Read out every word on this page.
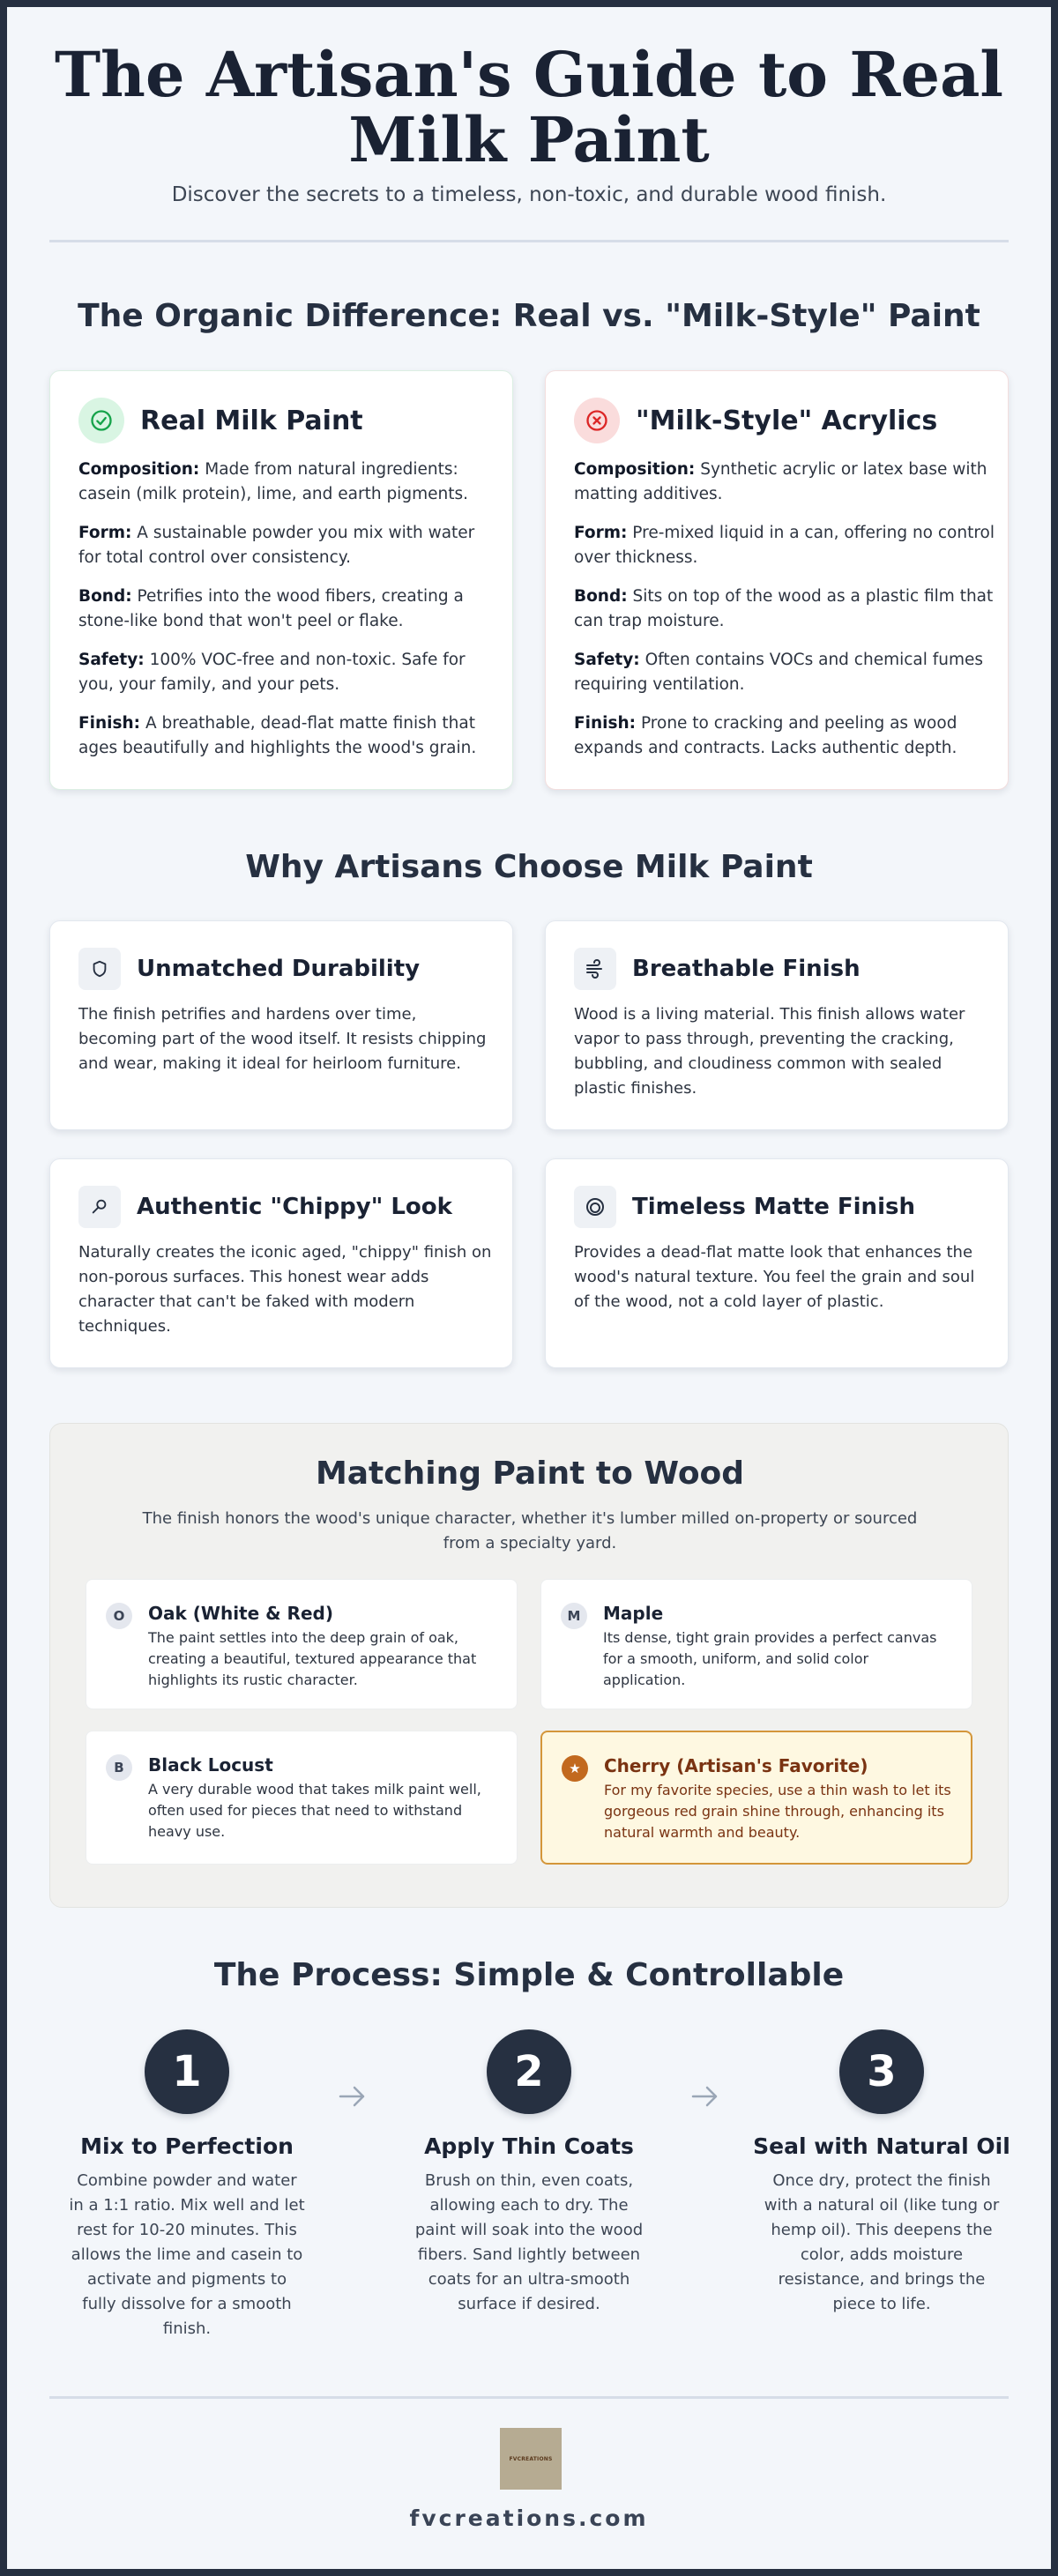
The Artisan's Guide to Real Milk Paint

Discover the secrets to a timeless, non-toxic, and durable wood finish.

The Organic Difference: Real vs. "Milk-Style" Paint
Real Milk Paint

Composition: Made from natural ingredients: casein (milk protein), lime, and earth pigments.

Form: A sustainable powder you mix with water for total control over consistency.

Bond: Petrifies into the wood fibers, creating a stone-like bond that won't peel or flake.

Safety: 100% VOC-free and non-toxic. Safe for you, your family, and your pets.

Finish: A breathable, dead-flat matte finish that ages beautifully and highlights the wood's grain.

"Milk-Style" Acrylics

Composition: Synthetic acrylic or latex base with matting additives.

Form: Pre-mixed liquid in a can, offering no control over thickness.

Bond: Sits on top of the wood as a plastic film that can trap moisture.

Safety: Often contains VOCs and chemical fumes requiring ventilation.

Finish: Prone to cracking and peeling as wood expands and contracts. Lacks authentic depth.

Why Artisans Choose Milk Paint
Unmatched Durability

The finish petrifies and hardens over time, becoming part of the wood itself. It resists chipping and wear, making it ideal for heirloom furniture.

Breathable Finish

Wood is a living material. This finish allows water vapor to pass through, preventing the cracking, bubbling, and cloudiness common with sealed plastic finishes.

Authentic "Chippy" Look

Naturally creates the iconic aged, "chippy" finish on non-porous surfaces. This honest wear adds character that can't be faked with modern techniques.

Timeless Matte Finish

Provides a dead-flat matte look that enhances the wood's natural texture. You feel the grain and soul of the wood, not a cold layer of plastic.

Matching Paint to Wood

The finish honors the wood's unique character, whether it's lumber milled on-property or sourced from a specialty yard.

O	Oak (White & Red)

The paint settles into the deep grain of oak, creating a beautiful, textured appearance that highlights its rustic character.

M	Maple

Its dense, tight grain provides a perfect canvas for a smooth, uniform, and solid color application.

B	Black Locust

A very durable wood that takes milk paint well, often used for pieces that need to withstand heavy use.

★	Cherry (Artisan's Favorite)

For my favorite species, use a thin wash to let its gorgeous red grain shine through, enhancing its natural warmth and beauty.

The Process: Simple & Controllable
1
Mix to Perfection

Combine powder and water in a 1:1 ratio. Mix well and let rest for 10-20 minutes. This allows the lime and casein to activate and pigments to fully dissolve for a smooth finish.

2
Apply Thin Coats

Brush on thin, even coats, allowing each to dry. The paint will soak into the wood fibers. Sand lightly between coats for an ultra-smooth surface if desired.

3
Seal with Natural Oil

Once dry, protect the finish with a natural oil (like tung or hemp oil). This deepens the color, adds moisture resistance, and brings the piece to life.

FVCREATIONS
fvcreations.com
